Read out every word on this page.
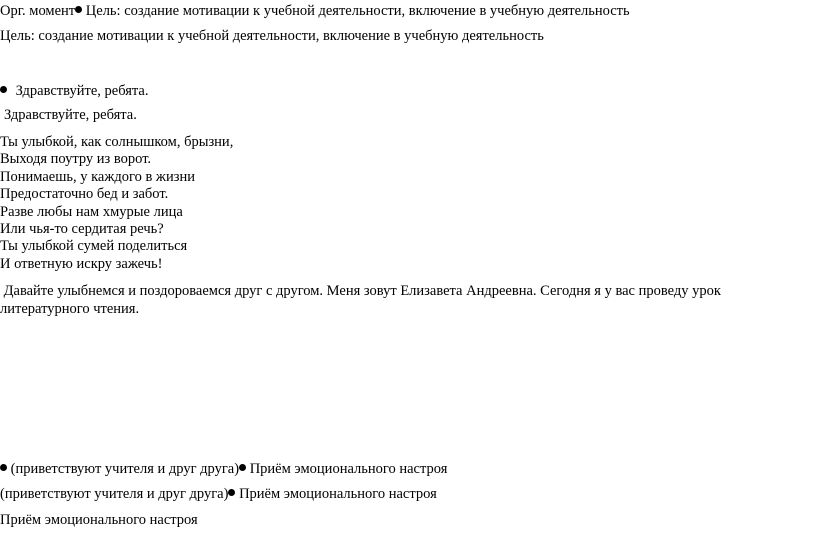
Орг. момент Цель: создание мотивации к учебной деятельности, включение в учебную деятельность
Цель: создание мотивации к учебной деятельности, включение в учебную деятельность
Здравствуйте, ребята.
Здравствуйте, ребята.
Ты улыбкой, как солнышком, брызни,
Выходя поутру из ворот.
Понимаешь, у каждого в жизни
Предостаточно бед и забот.
Разве любы нам хмурые лица
Или чья-то сердитая речь?
Ты улыбкой сумей поделиться
И ответную искру зажечь!
Давайте улыбнемся и поздороваемся друг с другом. Меня зовут Елизавета Андреевна. Сегодня я у вас проведу урок литературного чтения.
(приветствуют учителя и друг друга) Приём эмоционального настроя
(приветствуют учителя и друг друга) Приём эмоционального настроя
Приём эмоционального настроя
